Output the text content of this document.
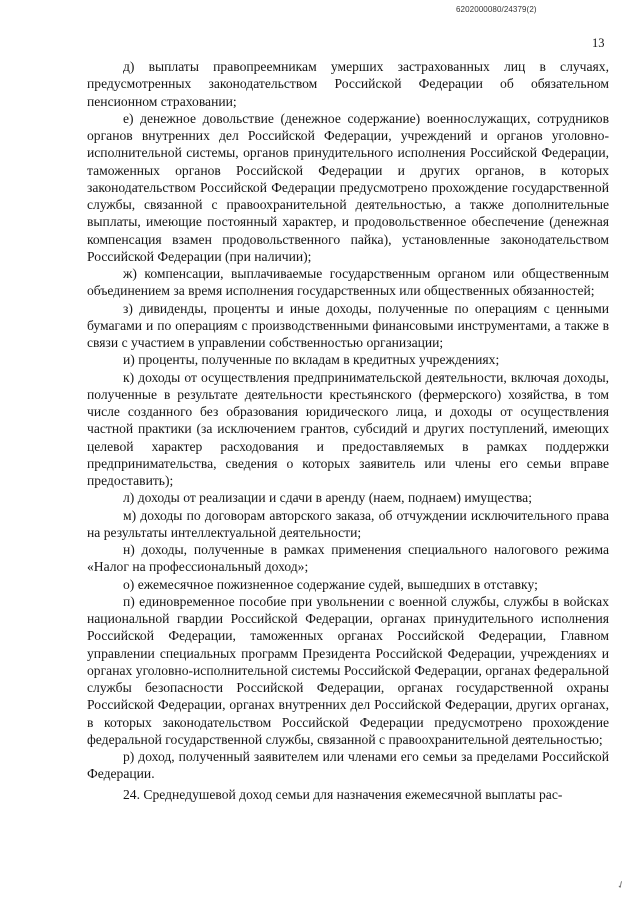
6202000080/24379(2)
13

д) выплаты правопреемникам умерших застрахованных лиц в случаях, предусмотренных законодательством Российской Федерации об обязательном пенсионном страховании;

е) денежное довольствие (денежное содержание) военнослужащих, сотрудников органов внутренних дел Российской Федерации, учреждений и органов уголовно-исполнительной системы, органов принудительного исполнения Российской Федерации, таможенных органов Российской Федерации и других органов, в которых законодательством Российской Федерации предусмотрено прохождение государственной службы, связанной с правоохранительной деятельностью, а также дополнительные выплаты, имеющие постоянный характер, и продовольственное обеспечение (денежная компенсация взамен продовольственного пайка), установленные законодательством Российской Федерации (при наличии);

ж) компенсации, выплачиваемые государственным органом или общественным объединением за время исполнения государственных или общественных обязанностей;

з) дивиденды, проценты и иные доходы, полученные по операциям с ценными бумагами и по операциям с производственными финансовыми инструментами, а также в связи с участием в управлении собственностью организации;

и) проценты, полученные по вкладам в кредитных учреждениях;

к) доходы от осуществления предпринимательской деятельности, включая доходы, полученные в результате деятельности крестьянского (фермерского) хозяйства, в том числе созданного без образования юридического лица, и доходы от осуществления частной практики (за исключением грантов, субсидий и других поступлений, имеющих целевой характер расходования и предоставляемых в рамках поддержки предпринимательства, сведения о которых заявитель или члены его семьи вправе предоставить);

л) доходы от реализации и сдачи в аренду (наем, поднаем) имущества;

м) доходы по договорам авторского заказа, об отчуждении исключительного права на результаты интеллектуальной деятельности;

н) доходы, полученные в рамках применения специального налогового режима «Налог на профессиональный доход»;

о) ежемесячное пожизненное содержание судей, вышедших в отставку;

п) единовременное пособие при увольнении с военной службы, службы в войсках национальной гвардии Российской Федерации, органах принудительного исполнения Российской Федерации, таможенных органах Российской Федерации, Главном управлении специальных программ Президента Российской Федерации, учреждениях и органах уголовно-исполнительной системы Российской Федерации, органах федеральной службы безопасности Российской Федерации, органах государственной охраны Российской Федерации, органах внутренних дел Российской Федерации, других органах, в которых законодательством Российской Федерации предусмотрено прохождение федеральной государственной службы, связанной с правоохранительной деятельностью;

р) доход, полученный заявителем или членами его семьи за пределами Российской Федерации.

24. Среднедушевой доход семьи для назначения ежемесячной выплаты рас-

✓
